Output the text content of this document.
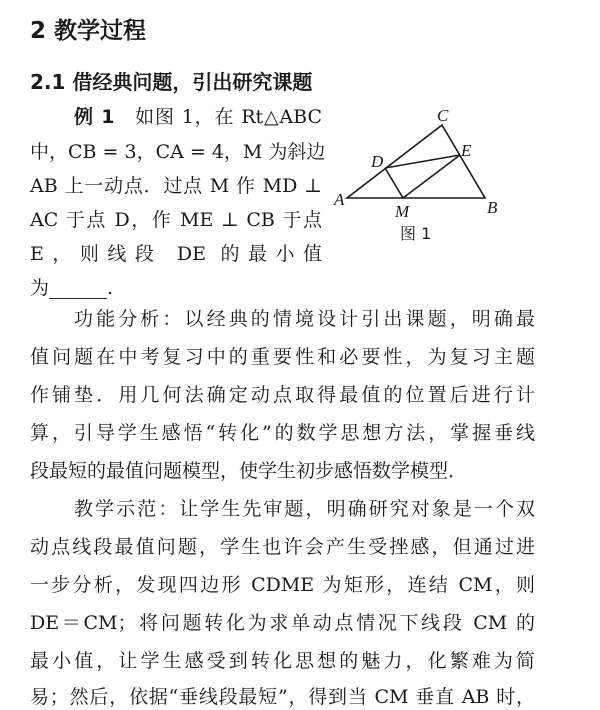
2 教学过程
2.1 借经典问题，引出研究课题
例 1 如图 1，在 Rt△ABC
中，CB = 3，CA = 4，M 为斜边
AB 上一动点．过点 M 作 MD ⊥
AC 于点 D，作 ME ⊥ CB 于点
E，则线段 DE 的最小值
为	.
A	B
C
D
E
M
图 1
功能分析：以经典的情境设计引出课题，明确最
值问题在中考复习中的重要性和必要性，为复习主题
作铺垫．用几何法确定动点取得最值的位置后进行计
算，引导学生感悟“转化”的数学思想方法，掌握垂线
段最短的最值问题模型，使学生初步感悟数学模型．
教学示范：让学生先审题，明确研究对象是一个双
动点线段最值问题，学生也许会产生受挫感，但通过进
一步分析，发现四边形 CDME 为矩形，连结 CM，则
DE＝CM；将问题转化为求单动点情况下线段 CM 的
最小值，让学生感受到转化思想的魅力，化繁难为简
易；然后，依据“垂线段最短”，得到当 CM 垂直 AB 时，
